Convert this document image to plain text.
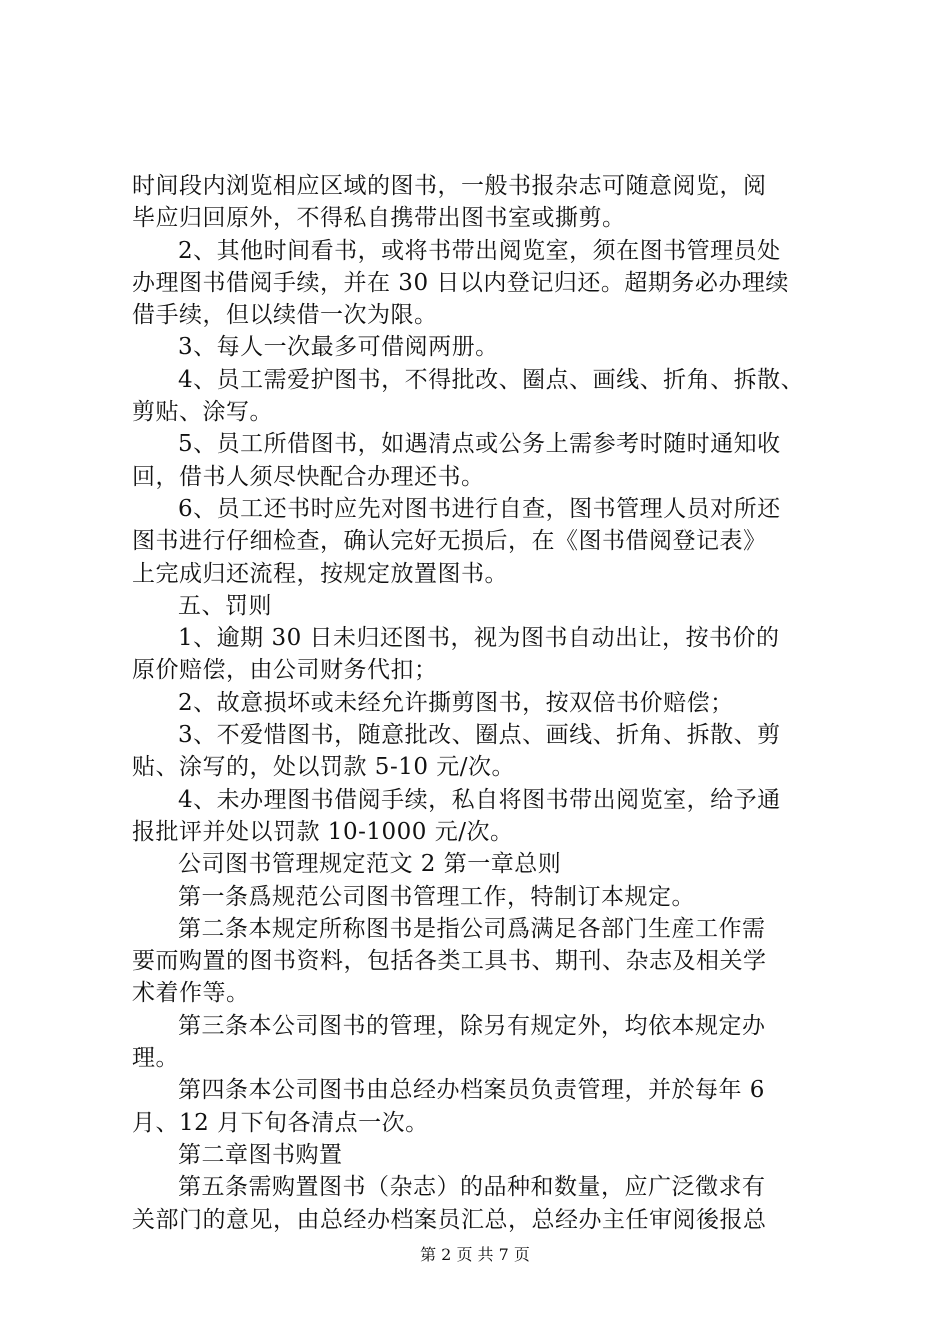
时间段内浏览相应区域的图书，一般书报杂志可随意阅览，阅
毕应归回原外，不得私自携带出图书室或撕剪。
2、其他时间看书，或将书带出阅览室，须在图书管理员处
办理图书借阅手续，并在 30 日以内登记归还。超期务必办理续
借手续，但以续借一次为限。
3、每人一次最多可借阅两册。
4、员工需爱护图书，不得批改、圈点、画线、折角、拆散、
剪贴、涂写。
5、员工所借图书，如遇清点或公务上需参考时随时通知收
回，借书人须尽快配合办理还书。
6、员工还书时应先对图书进行自查，图书管理人员对所还
图书进行仔细检查，确认完好无损后，在《图书借阅登记表》
上完成归还流程，按规定放置图书。
五、罚则
1、逾期 30 日未归还图书，视为图书自动出让，按书价的
原价赔偿，由公司财务代扣；
2、故意损坏或未经允许撕剪图书，按双倍书价赔偿；
3、不爱惜图书，随意批改、圈点、画线、折角、拆散、剪
贴、涂写的，处以罚款 5-10 元/次。
4、未办理图书借阅手续，私自将图书带出阅览室，给予通
报批评并处以罚款 10-1000 元/次。
公司图书管理规定范文 2 第一章总则
第一条爲规范公司图书管理工作，特制订本规定。
第二条本规定所称图书是指公司爲满足各部门生産工作需
要而购置的图书资料，包括各类工具书、期刊、杂志及相关学
术着作等。
第三条本公司图书的管理，除另有规定外，均依本规定办
理。
第四条本公司图书由总经办档案员负责管理，并於每年 6
月、12 月下旬各清点一次。
第二章图书购置
第五条需购置图书（杂志）的品种和数量，应广泛徵求有
关部门的意见，由总经办档案员汇总，总经办主任审阅後报总
第 2 页 共 7 页
